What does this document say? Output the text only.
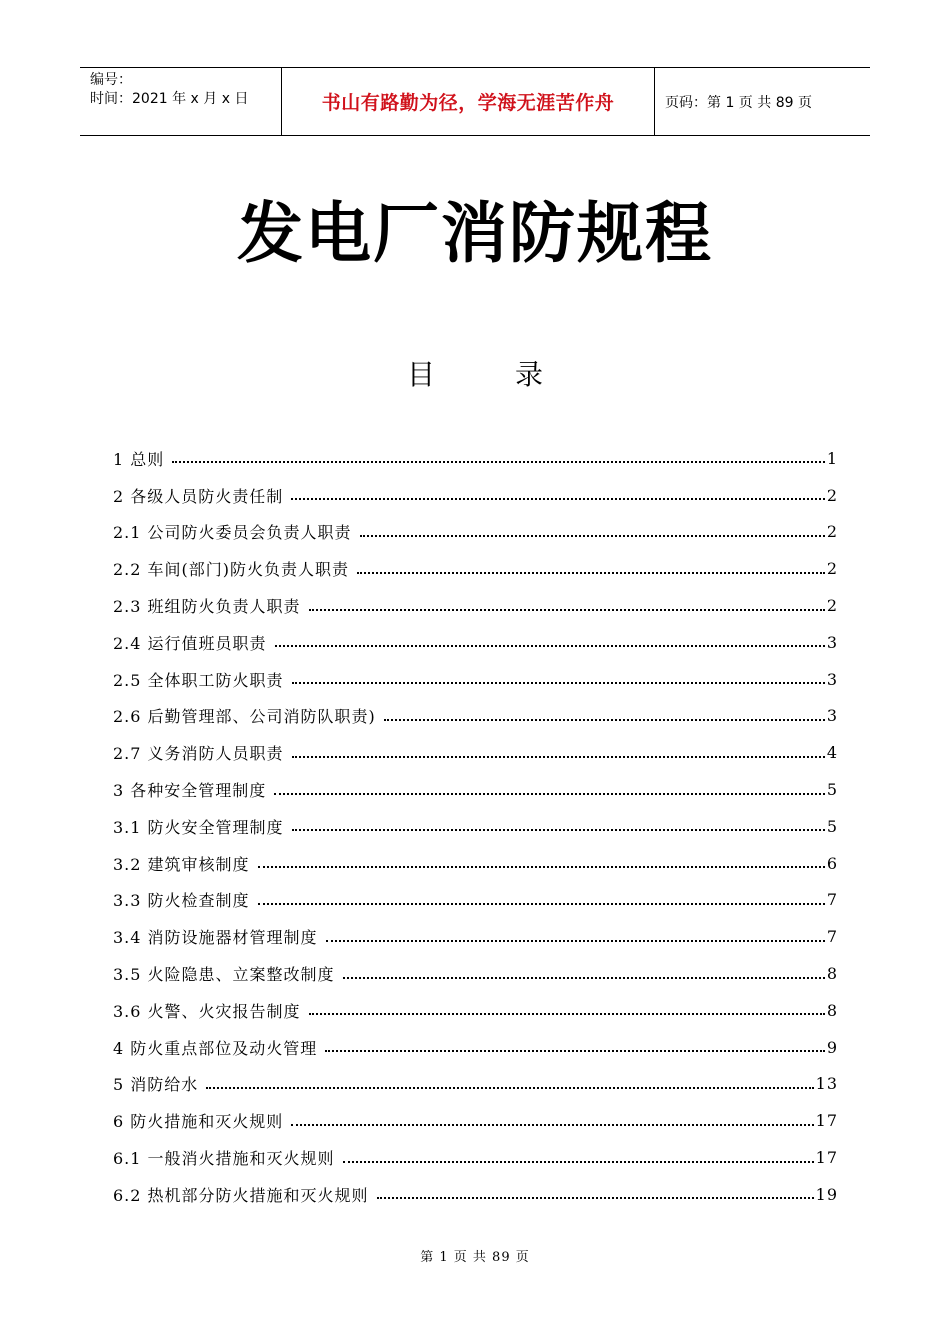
编号：
时间：2021 年 x 月 x 日	书山有路勤为径，学海无涯苦作舟	页码：第 1 页 共 89 页
发电厂消防规程
目	录
1 总则	1
2 各级人员防火责任制	2
2.1 公司防火委员会负责人职责	2
2.2 车间(部门)防火负责人职责	2
2.3 班组防火负责人职责	2
2.4 运行值班员职责	3
2.5 全体职工防火职责	3
2.6 后勤管理部、公司消防队职责)	3
2.7 义务消防人员职责	4
3 各种安全管理制度	5
3.1 防火安全管理制度	5
3.2 建筑审核制度	6
3.3 防火检查制度	7
3.4 消防设施器材管理制度	7
3.5 火险隐患、立案整改制度	8
3.6 火警、火灾报告制度	8
4 防火重点部位及动火管理	9
5 消防给水	13
6 防火措施和灭火规则	17
6.1 一般消火措施和灭火规则	17
6.2 热机部分防火措施和灭火规则	19
第 1 页 共 89 页
